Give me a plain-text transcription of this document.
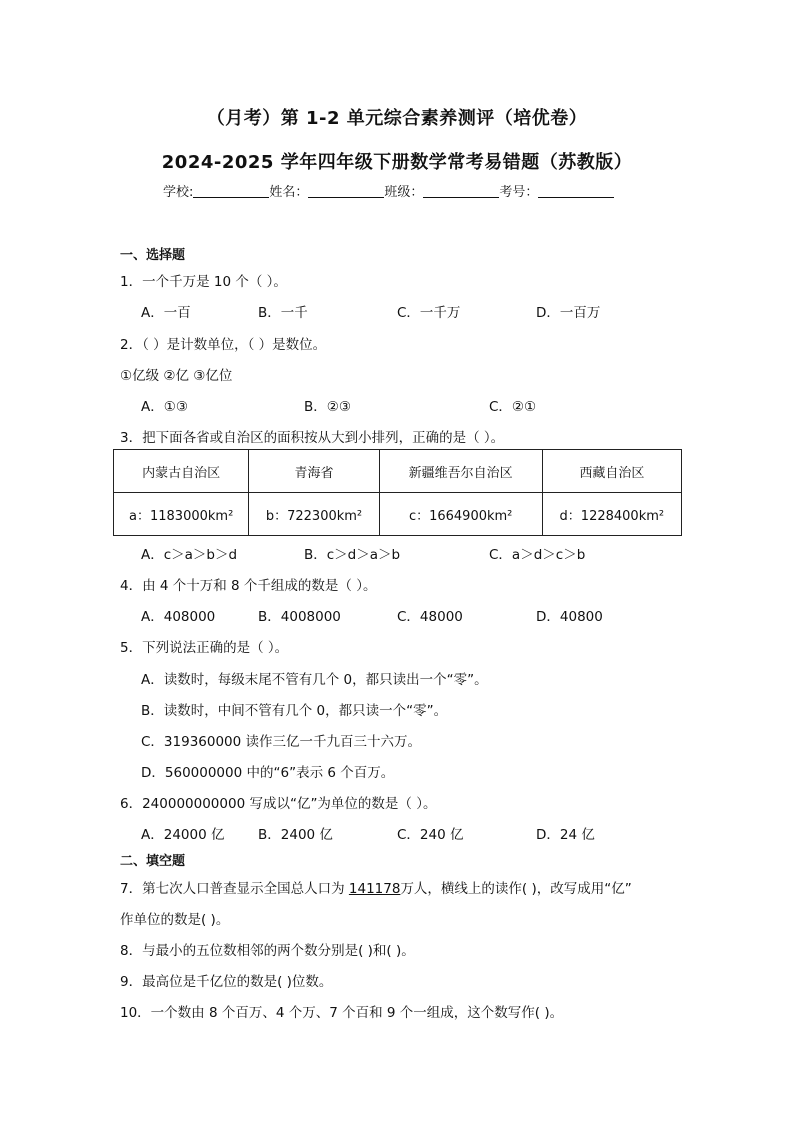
（月考）第 1-2 单元综合素养测评（培优卷）
2024-2025 学年四年级下册数学常考易错题（苏教版）
学校:	姓名：	班级：	考号：
一、选择题
1．一个千万是 10 个（ ）。
A．一百	B．一千	C．一千万	D．一百万
2．（ ）是计数单位，（ ）是数位。
①亿级 ②亿 ③亿位
A．①③	B．②③	C．②①
3．把下面各省或自治区的面积按从大到小排列，正确的是（ ）。
内蒙古自治区	青海省	新疆维吾尔自治区	西藏自治区
a：1183000km²	b：722300km²	c：1664900km²	d：1228400km²
A．c＞a＞b＞d	B．c＞d＞a＞b	C．a＞d＞c＞b
4．由 4 个十万和 8 个千组成的数是（ ）。
A．408000	B．4008000	C．48000	D．40800
5．下列说法正确的是（ ）。
A．读数时，每级末尾不管有几个 0，都只读出一个“零”。
B．读数时，中间不管有几个 0，都只读一个“零”。
C．319360000 读作三亿一千九百三十六万。
D．560000000 中的“6”表示 6 个百万。
6．240000000000 写成以“亿”为单位的数是（ ）。
A．24000 亿 B．2400 亿	C．240 亿	D．24 亿
二、填空题
7．第七次人口普查显示全国总人口为 141178万人，横线上的读作( )，改写成用“亿”
作单位的数是( )。
8．与最小的五位数相邻的两个数分别是( )和( )。
9．最高位是千亿位的数是( )位数。
10．一个数由 8 个百万、4 个万、7 个百和 9 个一组成，这个数写作( )。
